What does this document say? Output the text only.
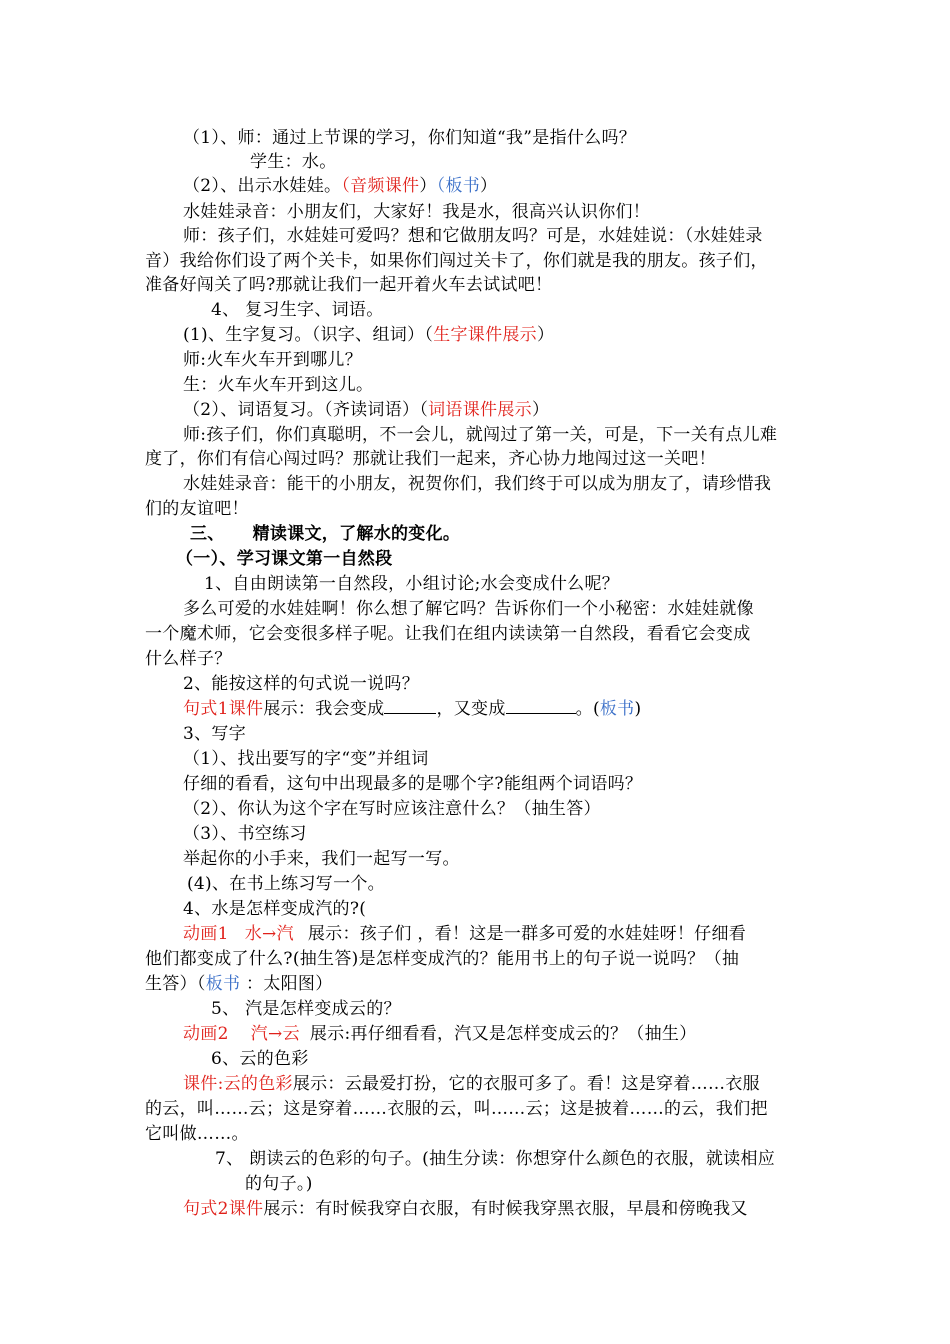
（1）、师：通过上节课的学习，你们知道“我”是指什么吗？
学生：水。
（2）、出示水娃娃。（音频课件）（板书）
水娃娃录音：小朋友们，大家好！我是水，很高兴认识你们！
师：孩子们，水娃娃可爱吗？想和它做朋友吗？可是，水娃娃说：（水娃娃录
音）我给你们设了两个关卡，如果你们闯过关卡了，你们就是我的朋友。孩子们，
准备好闯关了吗?那就让我们一起开着火车去试试吧！
4、 复习生字、词语。
(1)、生字复习。（识字、组词）（生字课件展示）
师:火车火车开到哪儿？
生：火车火车开到这儿。
（2）、词语复习。（齐读词语）（词语课件展示）
师:孩子们，你们真聪明，不一会儿，就闯过了第一关，可是，下一关有点儿难
度了，你们有信心闯过吗？那就让我们一起来，齐心协力地闯过这一关吧！
水娃娃录音：能干的小朋友，祝贺你们，我们终于可以成为朋友了，请珍惜我
们的友谊吧！
三、 精读课文，了解水的变化。
（一）、学习课文第一自然段
1、自由朗读第一自然段，小组讨论;水会变成什么呢？
多么可爱的水娃娃啊！你么想了解它吗？告诉你们一个小秘密：水娃娃就像
一个魔术师，它会变很多样子呢。让我们在组内读读第一自然段，看看它会变成
什么样子？
2、能按这样的句式说一说吗？
句式1课件展示：我会变成	，又变成	。(板书)
3、写字
（1）、找出要写的字“变”并组词
仔细的看看，这句中出现最多的是哪个字?能组两个词语吗？
（2）、你认为这个字在写时应该注意什么？（抽生答）
（3）、书空练习
举起你的小手来，我们一起写一写。
(4)、在书上练习写一个。
4、水是怎样变成汽的?(
动画1 水→汽 展示：孩子们 ，看！这是一群多可爱的水娃娃呀！仔细看
他们都变成了什么?(抽生答)是怎样变成汽的？能用书上的句子说一说吗？（抽
生答）（板书 ：太阳图）
5、 汽是怎样变成云的？
动画2 汽→云 展示:再仔细看看，汽又是怎样变成云的？（抽生）
6、云的色彩
课件:云的色彩展示：云最爱打扮，它的衣服可多了。看！这是穿着……衣服
的云，叫……云；这是穿着……衣服的云，叫……云；这是披着……的云，我们把
它叫做……。
7、 朗读云的色彩的句子。(抽生分读：你想穿什么颜色的衣服，就读相应
的句子。)
句式2课件展示：有时候我穿白衣服，有时候我穿黑衣服，早晨和傍晚我又
